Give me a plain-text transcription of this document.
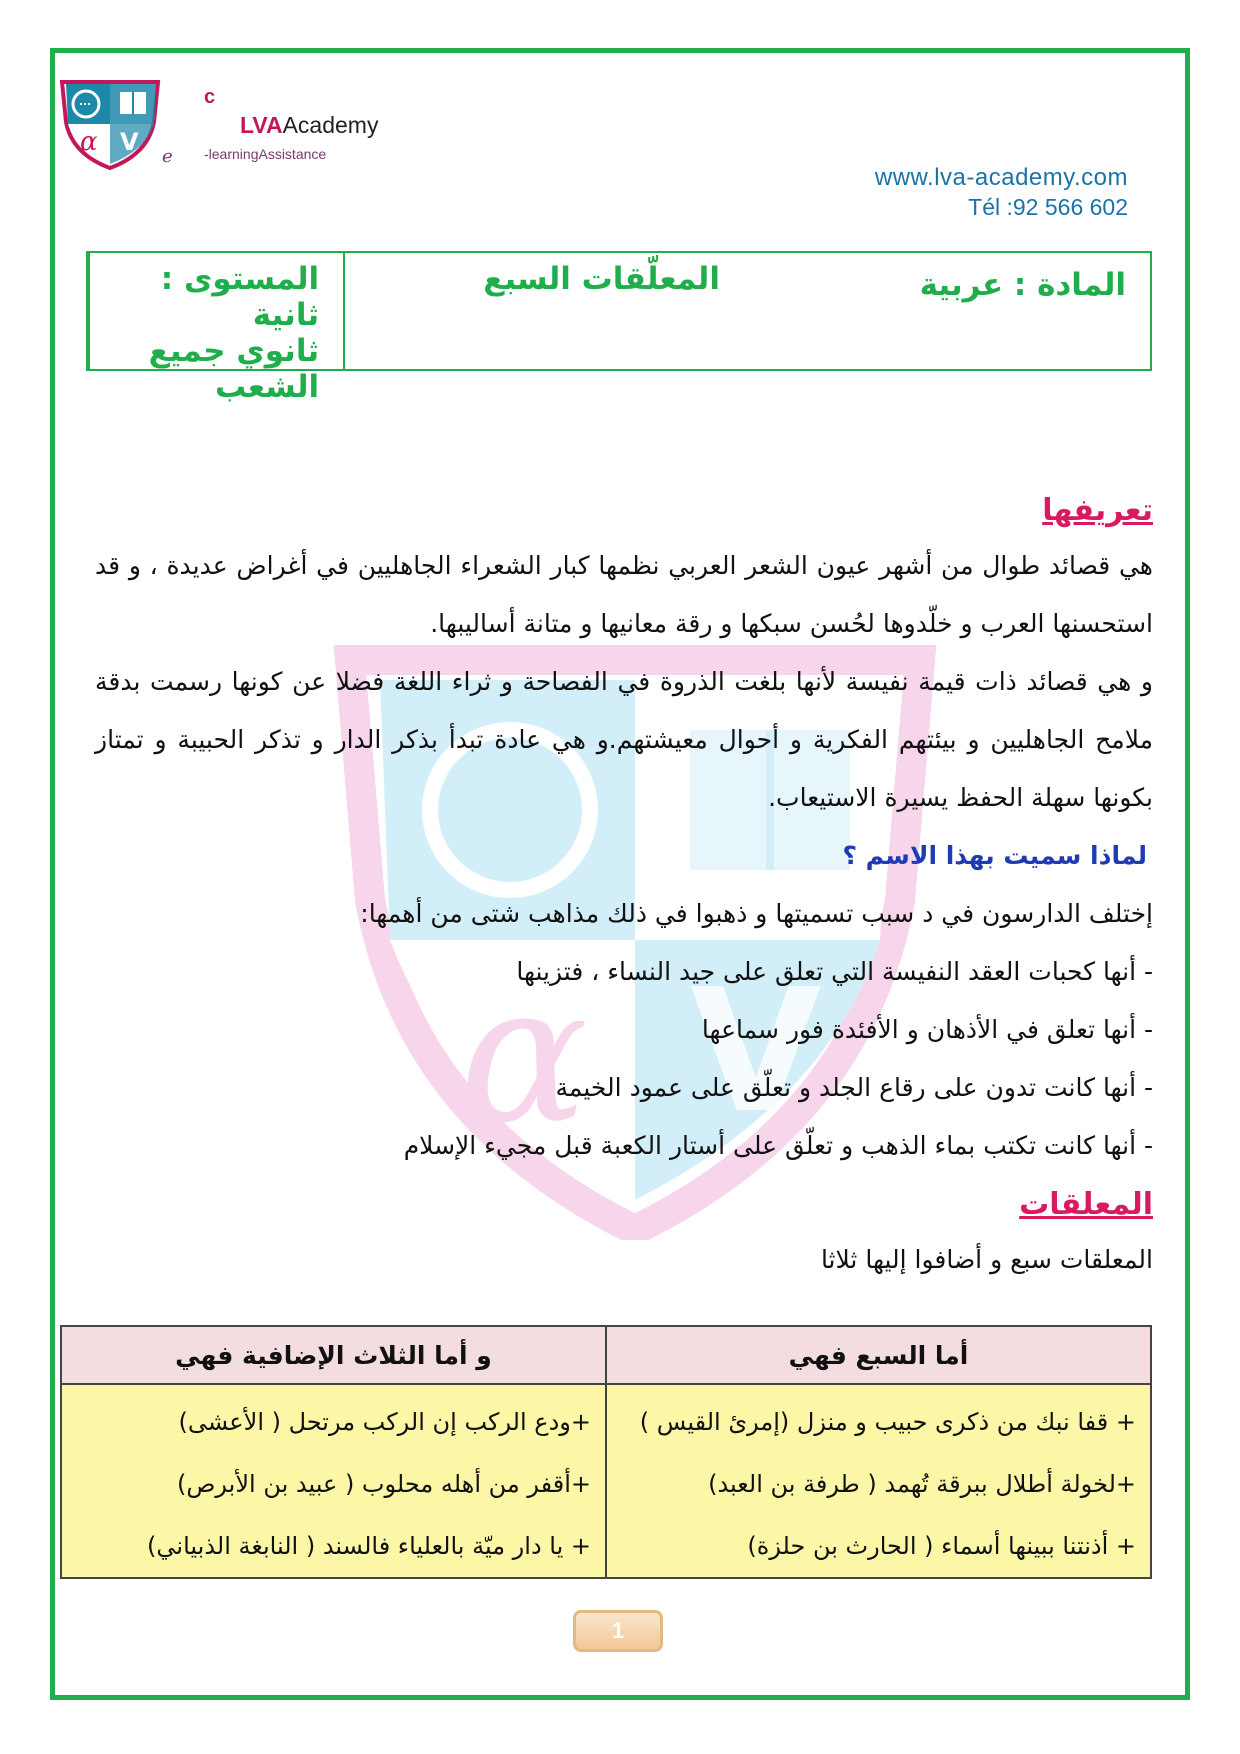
α V
c
LVAAcademy
-learningAssistance
e
www.lva-academy.com
Tél :92 566 602
المادة : عربية
المعلّقات السبع
المستوى : ثانية
ثانوي جميع الشعب
α V
تعريفها

هي قصائد طوال من أشهر عيون الشعر العربي نظمها كبار الشعراء الجاهليين في أغراض عديدة ، و قد استحسنها العرب و خلّدوها لحُسن سبكها و رقة معانيها و متانة أساليبها.

و هي قصائد ذات قيمة نفيسة لأنها بلغت الذروة في الفصاحة و ثراء اللغة فضلا عن كونها رسمت بدقة ملامح الجاهليين و بيئتهم الفكرية و أحوال معيشتهم.و هي عادة تبدأ بذكر الدار و تذكر الحبيبة و تمتاز بكونها سهلة الحفظ يسيرة الاستيعاب.

لماذا سميت بهذا الاسم ؟

إختلف الدارسون في د سبب تسميتها و ذهبوا في ذلك مذاهب شتى من أهمها:

- أنها كحبات العقد النفيسة التي تعلق على جيد النساء ، فتزينها

- أنها تعلق في الأذهان و الأفئدة فور سماعها

- أنها كانت تدون على رقاع الجلد و تعلّق على عمود الخيمة

- أنها كانت تكتب بماء الذهب و تعلّق على أستار الكعبة قبل مجيء الإسلام

المعلقات

المعلقات سبع و أضافوا إليها ثلاثا

أما السبع فهي	و أما الثلاث الإضافية فهي
+ قفا نبك من ذكرى حبيب و منزل (إمرئ القيس )	+ودع الركب إن الركب مرتحل ( الأعشى)
+لخولة أطلال ببرقة تُهمد ( طرفة بن العبد)	+أقفر من أهله محلوب ( عبيد بن الأبرص)
+ أذنتنا ببينها أسماء ( الحارث بن حلزة)	+ يا دار ميّة بالعلياء فالسند ( النابغة الذبياني)
1
